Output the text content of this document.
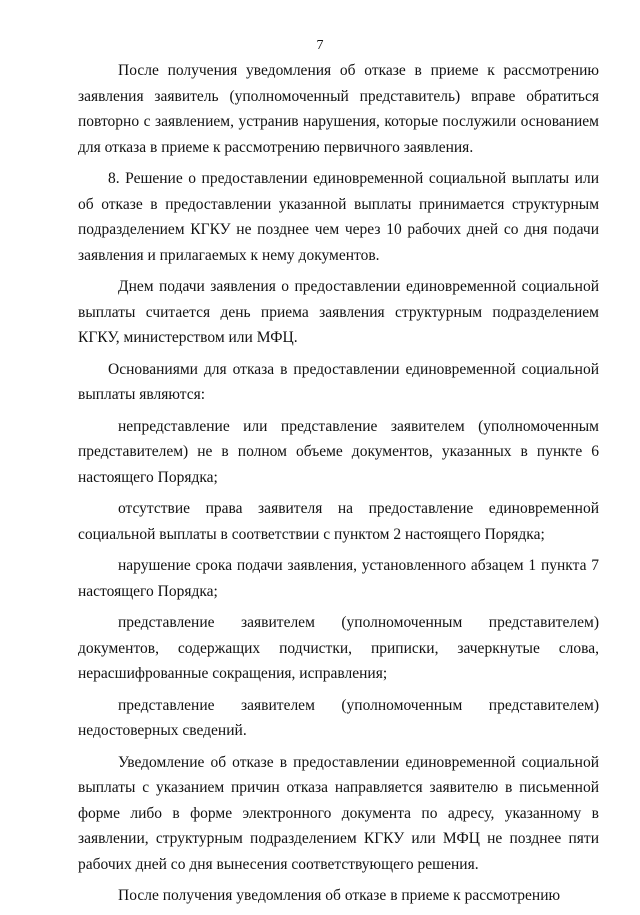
7

После получения уведомления об отказе в приеме к рассмотрению заявления заявитель (уполномоченный представитель) вправе обратиться повторно с заявлением, устранив нарушения, которые послужили основанием для отказа в приеме к рассмотрению первичного заявления.

8. Решение о предоставлении единовременной социальной выплаты или об отказе в предоставлении указанной выплаты принимается структурным подразделением КГКУ не позднее чем через 10 рабочих дней со дня подачи заявления и прилагаемых к нему документов.

Днем подачи заявления о предоставлении единовременной социальной выплаты считается день приема заявления структурным подразделением КГКУ, министерством или МФЦ.

Основаниями для отказа в предоставлении единовременной социальной выплаты являются:

непредставление или представление заявителем (уполномоченным представителем) не в полном объеме документов, указанных в пункте 6 настоящего Порядка;

отсутствие права заявителя на предоставление единовременной социальной выплаты в соответствии с пунктом 2 настоящего Порядка;

нарушение срока подачи заявления, установленного абзацем 1 пункта 7 настоящего Порядка;

представление заявителем (уполномоченным представителем) документов, содержащих подчистки, приписки, зачеркнутые слова, нерасшифрованные сокращения, исправления;

представление заявителем (уполномоченным представителем) недостоверных сведений.

Уведомление об отказе в предоставлении единовременной социальной выплаты с указанием причин отказа направляется заявителю в письменной форме либо в форме электронного документа по адресу, указанному в заявлении, структурным подразделением КГКУ или МФЦ не позднее пяти рабочих дней со дня вынесения соответствующего решения.

После получения уведомления об отказе в приеме к рассмотрению
